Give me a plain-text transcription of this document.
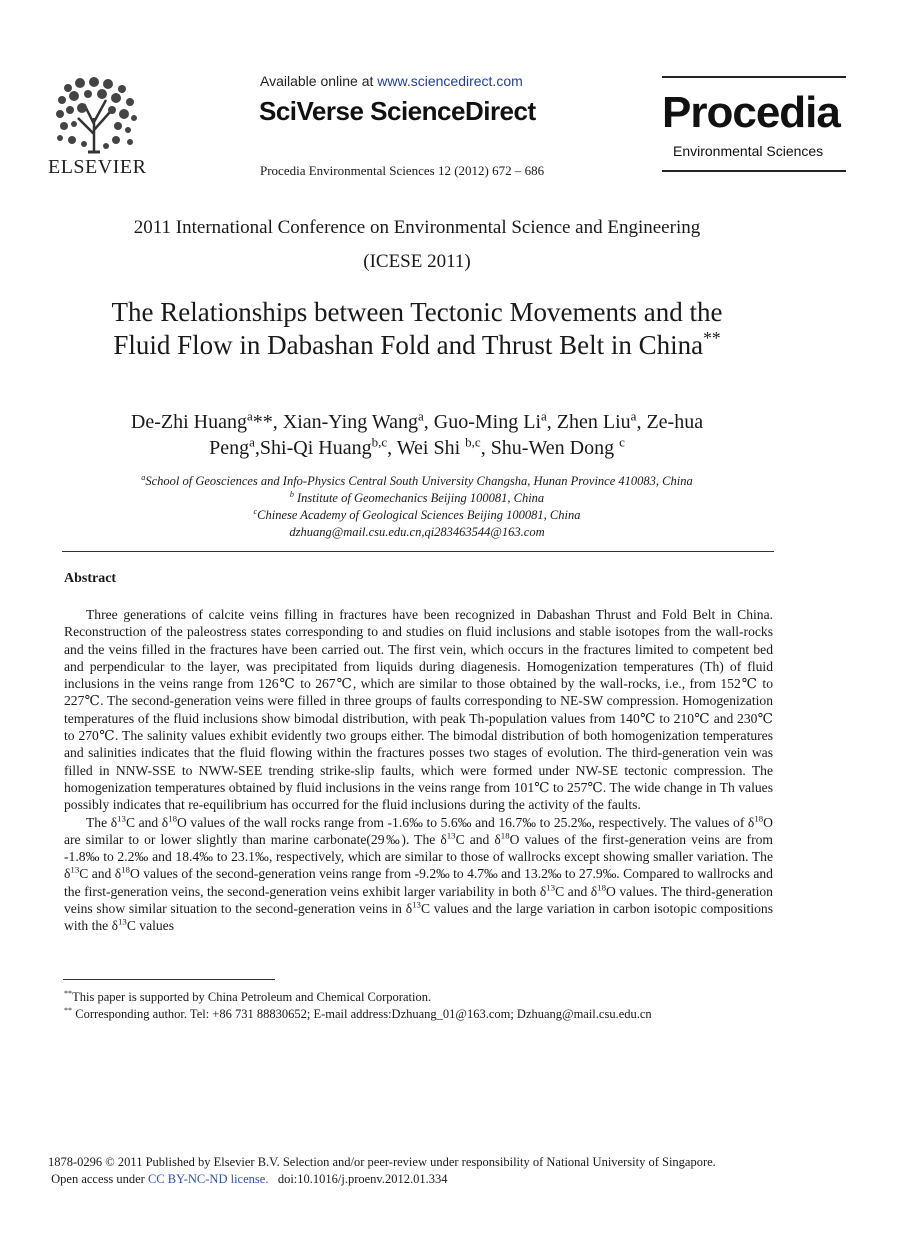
ELSEVIER
Available online at www.sciencedirect.com
SciVerse ScienceDirect
Procedia Environmental Sciences 12 (2012) 672 – 686
Procedia
Environmental Sciences
2011 International Conference on Environmental Science and Engineering
(ICESE 2011)
The Relationships between Tectonic Movements and the
Fluid Flow in Dabashan Fold and Thrust Belt in China**
De-Zhi Huang$^a$**, Xian-Ying Wang$^a$, Guo-Ming Li$^a$, Zhen Liu$^a$, Ze-hua
Peng$^a$,Shi-Qi Huang$^{b,c}$, Wei Shi $^{b,c}$, Shu-Wen Dong $^c$
$^a$School of Geosciences and Info-Physics Central South University Changsha, Hunan Province 410083, China
$^b$ Institute of Geomechanics Beijing 100081, China
$^c$Chinese Academy of Geological Sciences Beijing 100081, China
dzhuang@mail.csu.edu.cn,qi283463544@163.com
Abstract

Three generations of calcite veins filling in fractures have been recognized in Dabashan Thrust and Fold Belt in China. Reconstruction of the paleostress states corresponding to and studies on fluid inclusions and stable isotopes from the wall-rocks and the veins filled in the fractures have been carried out. The first vein, which occurs in the fractures limited to competent bed and perpendicular to the layer, was precipitated from liquids during diagenesis. Homogenization temperatures (Th) of fluid inclusions in the veins range from 126℃ to 267℃, which are similar to those obtained by the wall-rocks, i.e., from 152℃ to 227℃. The second-generation veins were filled in three groups of faults corresponding to NE-SW compression. Homogenization temperatures of the fluid inclusions show bimodal distribution, with peak Th-population values from 140℃ to 210℃ and 230℃ to 270℃. The salinity values exhibit evidently two groups either. The bimodal distribution of both homogenization temperatures and salinities indicates that the fluid flowing within the fractures posses two stages of evolution. The third-generation vein was filled in NNW-SSE to NWW-SEE trending strike-slip faults, which were formed under NW-SE tectonic compression. The homogenization temperatures obtained by fluid inclusions in the veins range from 101℃ to 257℃. The wide change in Th values possibly indicates that re-equilibrium has occurred for the fluid inclusions during the activity of the faults.

The $\delta^{13}C$ and $\delta^{18}O$ values of the wall rocks range from -1.6‰ to 5.6‰ and 16.7‰ to 25.2‰, respectively. The values of $\delta^{18}O$ are similar to or lower slightly than marine carbonate(29‰). The $\delta^{13}C$ and $\delta^{18}O$ values of the first-generation veins are from -1.8‰ to 2.2‰ and 18.4‰ to 23.1‰, respectively, which are similar to those of wallrocks except showing smaller variation. The $\delta^{13}C$ and $\delta^{18}O$ values of the second-generation veins range from -9.2‰ to 4.7‰ and 13.2‰ to 27.9‰. Compared to wallrocks and the first-generation veins, the second-generation veins exhibit larger variability in both $\delta^{13}C$ and $\delta^{18}O$ values. The third-generation veins show similar situation to the second-generation veins in $\delta^{13}C$ values and the large variation in carbon isotopic compositions with the $\delta^{13}C$ values

**This paper is supported by China Petroleum and Chemical Corporation.
** Corresponding author. Tel: +86 731 88830652; E-mail address:Dzhuang_01@163.com; Dzhuang@mail.csu.edu.cn
1878-0296 © 2011 Published by Elsevier B.V. Selection and/or peer-review under responsibility of National University of Singapore.
Open access under CC BY-NC-ND license. doi:10.1016/j.proenv.2012.01.334
